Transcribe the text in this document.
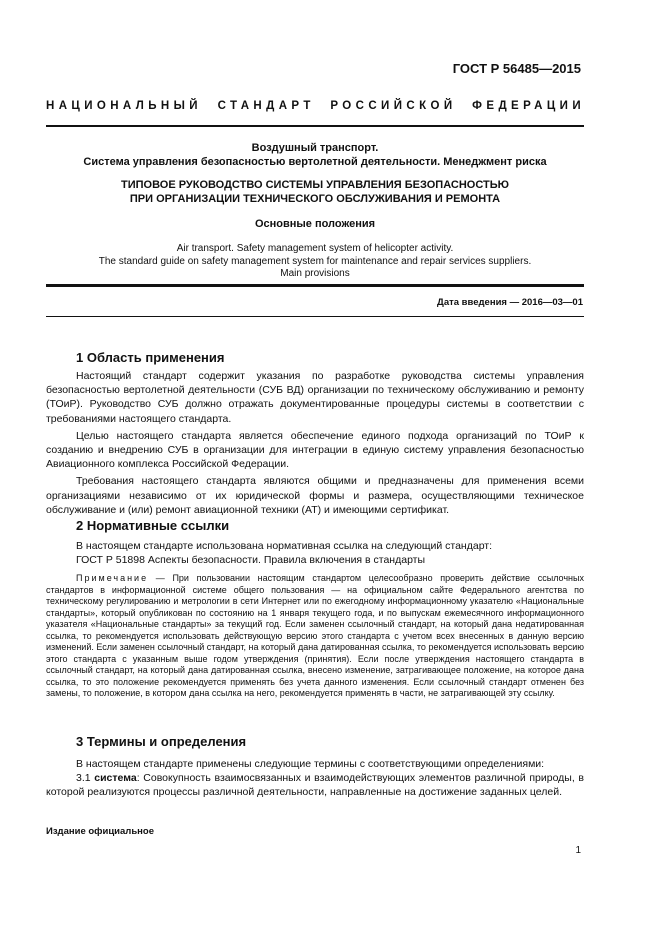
ГОСТ Р 56485—2015
НАЦИОНАЛЬНЫЙ СТАНДАРТ РОССИЙСКОЙ ФЕДЕРАЦИИ
Воздушный транспорт.
Система управления безопасностью вертолетной деятельности. Менеджмент риска
ТИПОВОЕ РУКОВОДСТВО СИСТЕМЫ УПРАВЛЕНИЯ БЕЗОПАСНОСТЬЮ
ПРИ ОРГАНИЗАЦИИ ТЕХНИЧЕСКОГО ОБСЛУЖИВАНИЯ И РЕМОНТА
Основные положения
Air transport. Safety management system of helicopter activity.
The standard guide on safety management system for maintenance and repair services suppliers.
Main provisions
Дата введения — 2016—03—01
1 Область применения

Настоящий стандарт содержит указания по разработке руководства системы управления безопасностью вертолетной деятельности (СУБ ВД) организации по техническому обслуживанию и ремонту (ТОиР). Руководство СУБ должно отражать документированные процедуры системы в соответствии с требованиями настоящего стандарта.

Целью настоящего стандарта является обеспечение единого подхода организаций по ТОиР к созданию и внедрению СУБ в организации для интеграции в единую систему управления безопасностью Авиационного комплекса Российской Федерации.

Требования настоящего стандарта являются общими и предназначены для применения всеми организациями независимо от их юридической формы и размера, осуществляющими техническое обслуживание и (или) ремонт авиационной техники (АТ) и имеющими сертификат.

2 Нормативные ссылки

В настоящем стандарте использована нормативная ссылка на следующий стандарт:

ГОСТ Р 51898 Аспекты безопасности. Правила включения в стандарты

Примечание — При пользовании настоящим стандартом целесообразно проверить действие ссылочных стандартов в информационной системе общего пользования — на официальном сайте Федерального агентства по техническому регулированию и метрологии в сети Интернет или по ежегодному информационному указателю «Национальные стандарты», который опубликован по состоянию на 1 января текущего года, и по выпускам ежемесячного информационного указателя «Национальные стандарты» за текущий год. Если заменен ссылочный стандарт, на который дана недатированная ссылка, то рекомендуется использовать действующую версию этого стандарта с учетом всех внесенных в данную версию изменений. Если заменен ссылочный стандарт, на который дана датированная ссылка, то рекомендуется использовать версию этого стандарта с указанным выше годом утверждения (принятия). Если после утверждения настоящего стандарта в ссылочный стандарт, на который дана датированная ссылка, внесено изменение, затрагивающее положение, на которое дана ссылка, то это положение рекомендуется применять без учета данного изменения. Если ссылочный стандарт отменен без замены, то положение, в котором дана ссылка на него, рекомендуется применять в части, не затрагивающей эту ссылку.
3 Термины и определения

В настоящем стандарте применены следующие термины с соответствующими определениями:

3.1 система: Совокупность взаимосвязанных и взаимодействующих элементов различной природы, в которой реализуются процессы различной деятельности, направленные на достижение заданных целей.

Издание официальное
1
